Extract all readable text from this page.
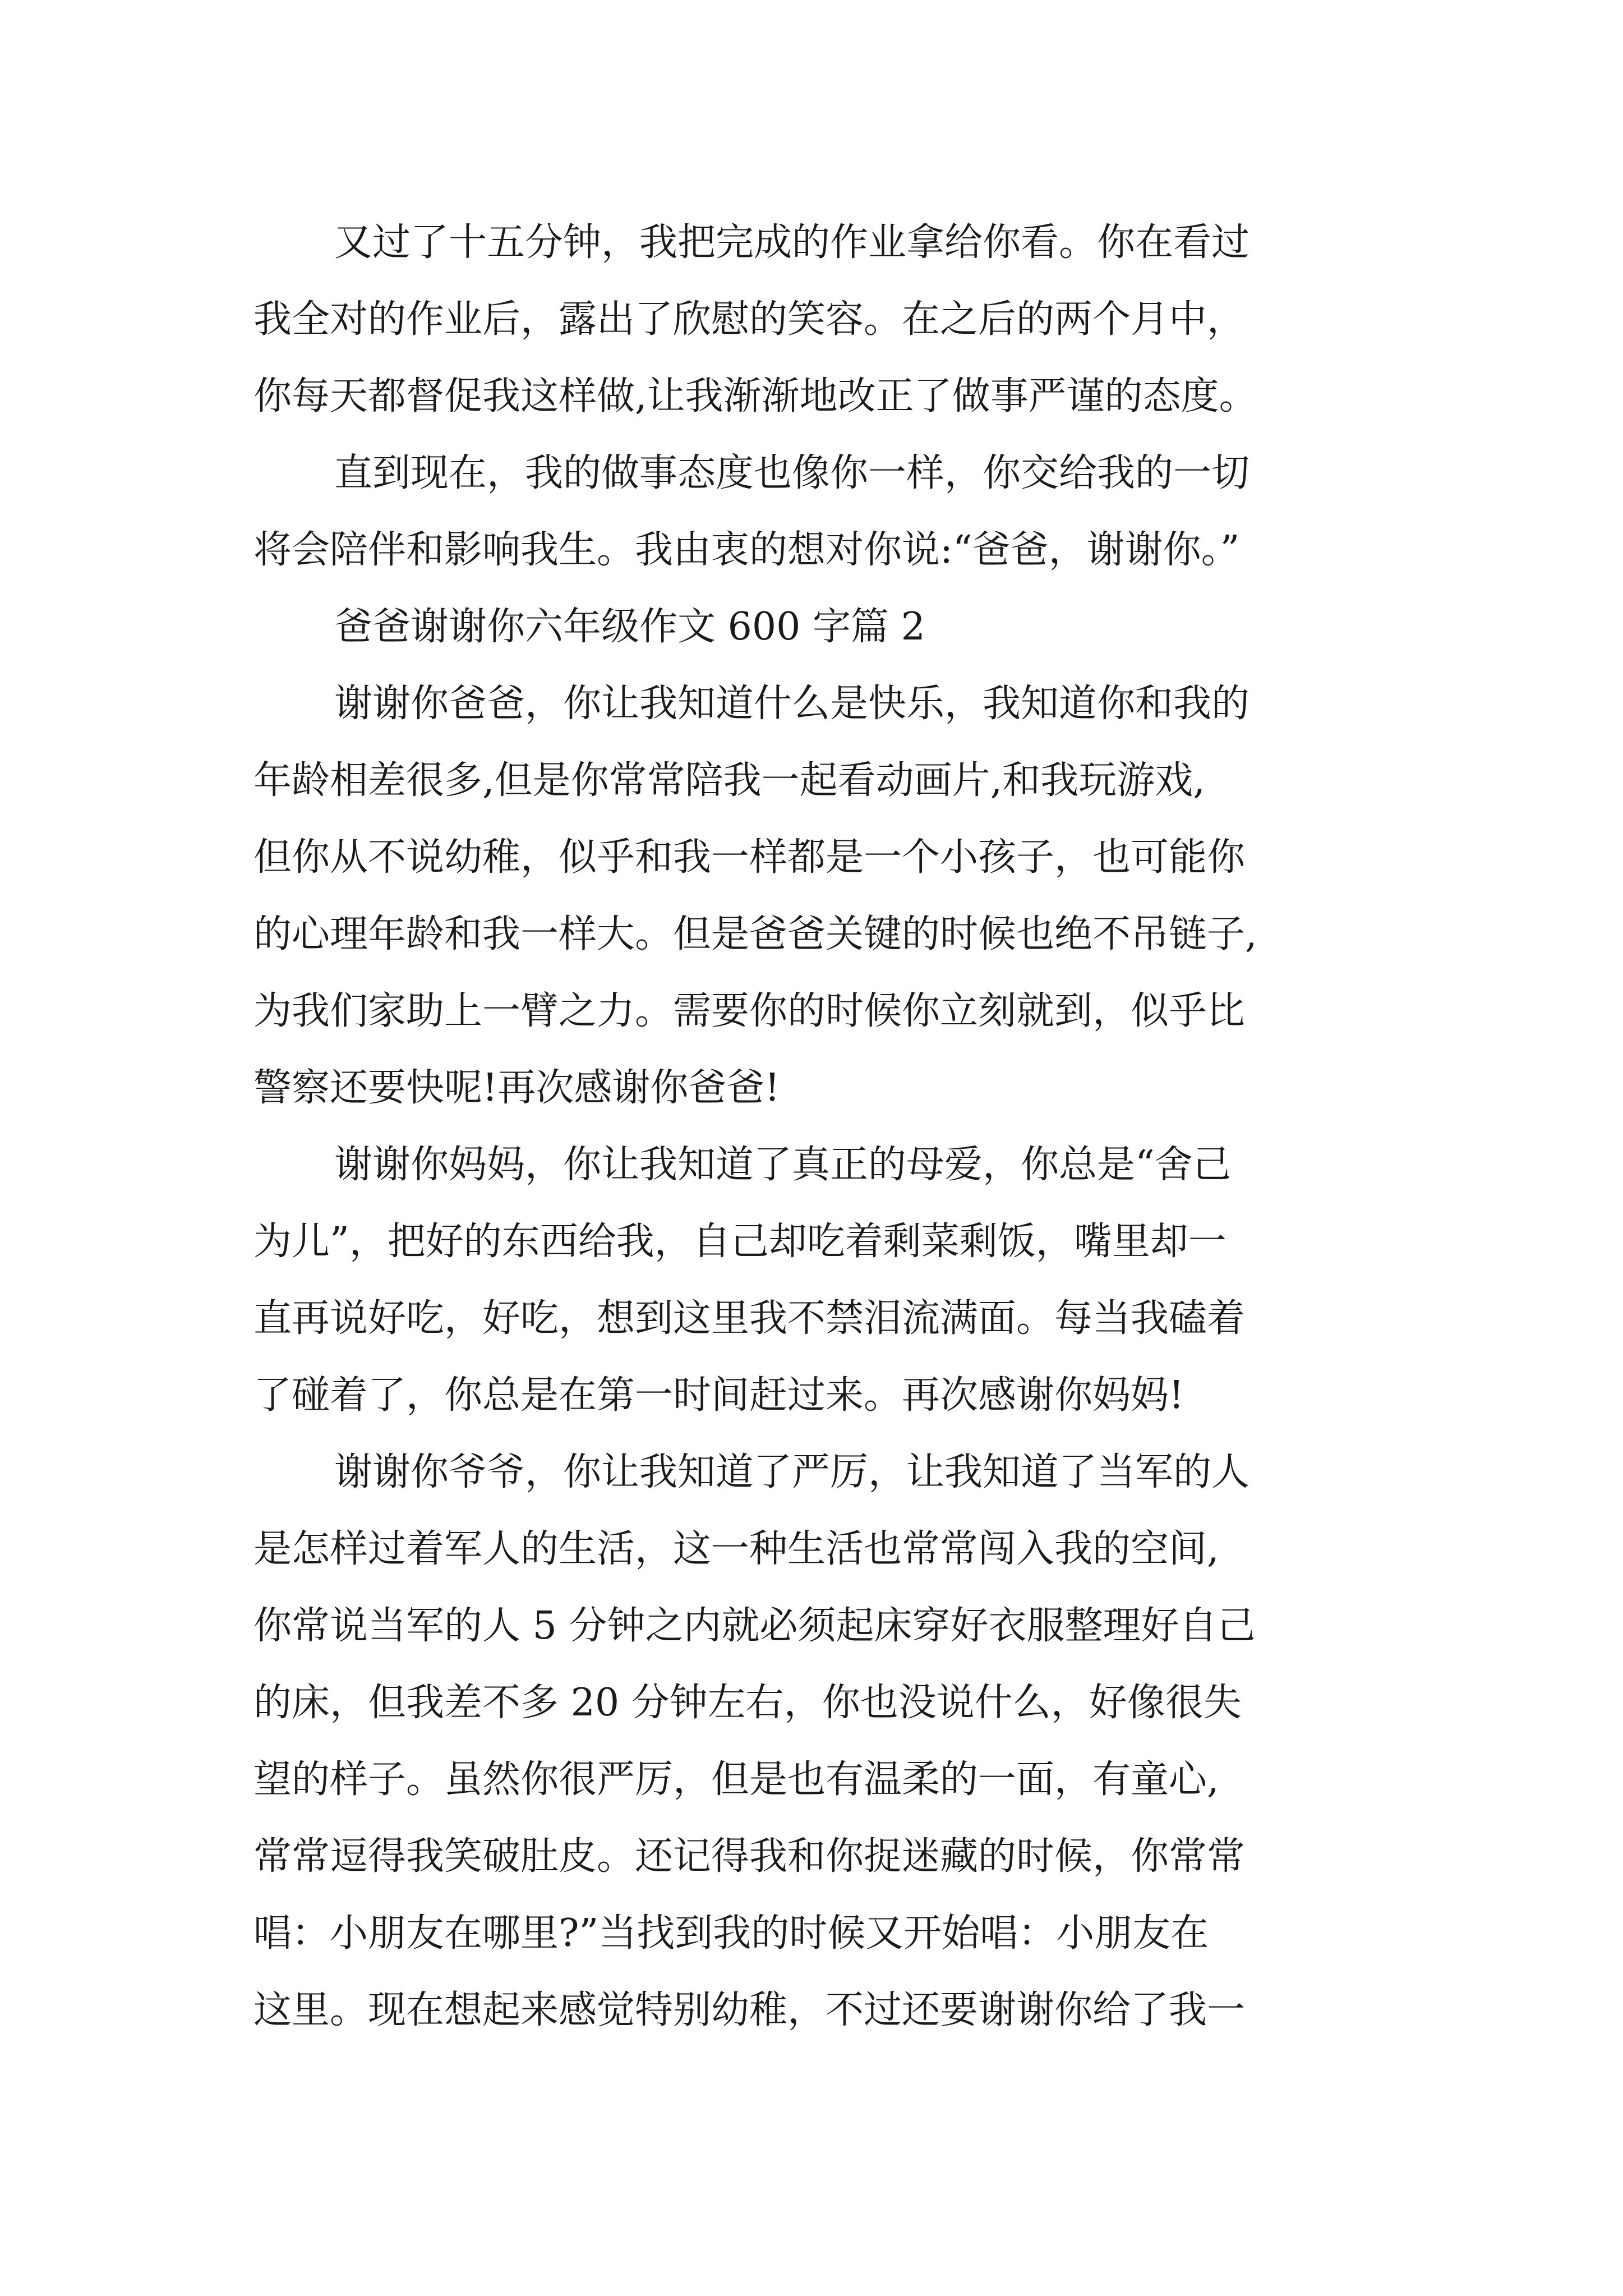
又过了十五分钟，我把完成的作业拿给你看。你在看过

我全对的作业后，露出了欣慰的笑容。在之后的两个月中，

你每天都督促我这样做,让我渐渐地改正了做事严谨的态度。

直到现在，我的做事态度也像你一样，你交给我的一切

将会陪伴和影响我生。我由衷的想对你说:“爸爸，谢谢你。”

爸爸谢谢你六年级作文 600 字篇 2

谢谢你爸爸，你让我知道什么是快乐，我知道你和我的

年龄相差很多,但是你常常陪我一起看动画片,和我玩游戏,

但你从不说幼稚，似乎和我一样都是一个小孩子，也可能你

的心理年龄和我一样大。但是爸爸关键的时候也绝不吊链子,

为我们家助上一臂之力。需要你的时候你立刻就到，似乎比

警察还要快呢!再次感谢你爸爸!

谢谢你妈妈，你让我知道了真正的母爱，你总是“舍己

为儿”，把好的东西给我，自己却吃着剩菜剩饭，嘴里却一

直再说好吃，好吃，想到这里我不禁泪流满面。每当我磕着

了碰着了，你总是在第一时间赶过来。再次感谢你妈妈!

谢谢你爷爷，你让我知道了严厉，让我知道了当军的人

是怎样过着军人的生活，这一种生活也常常闯入我的空间,

你常说当军的人 5 分钟之内就必须起床穿好衣服整理好自己

的床，但我差不多 20 分钟左右，你也没说什么，好像很失

望的样子。虽然你很严厉，但是也有温柔的一面，有童心,

常常逗得我笑破肚皮。还记得我和你捉迷藏的时候，你常常

唱：小朋友在哪里?”当找到我的时候又开始唱：小朋友在

这里。现在想起来感觉特别幼稚，不过还要谢谢你给了我一
